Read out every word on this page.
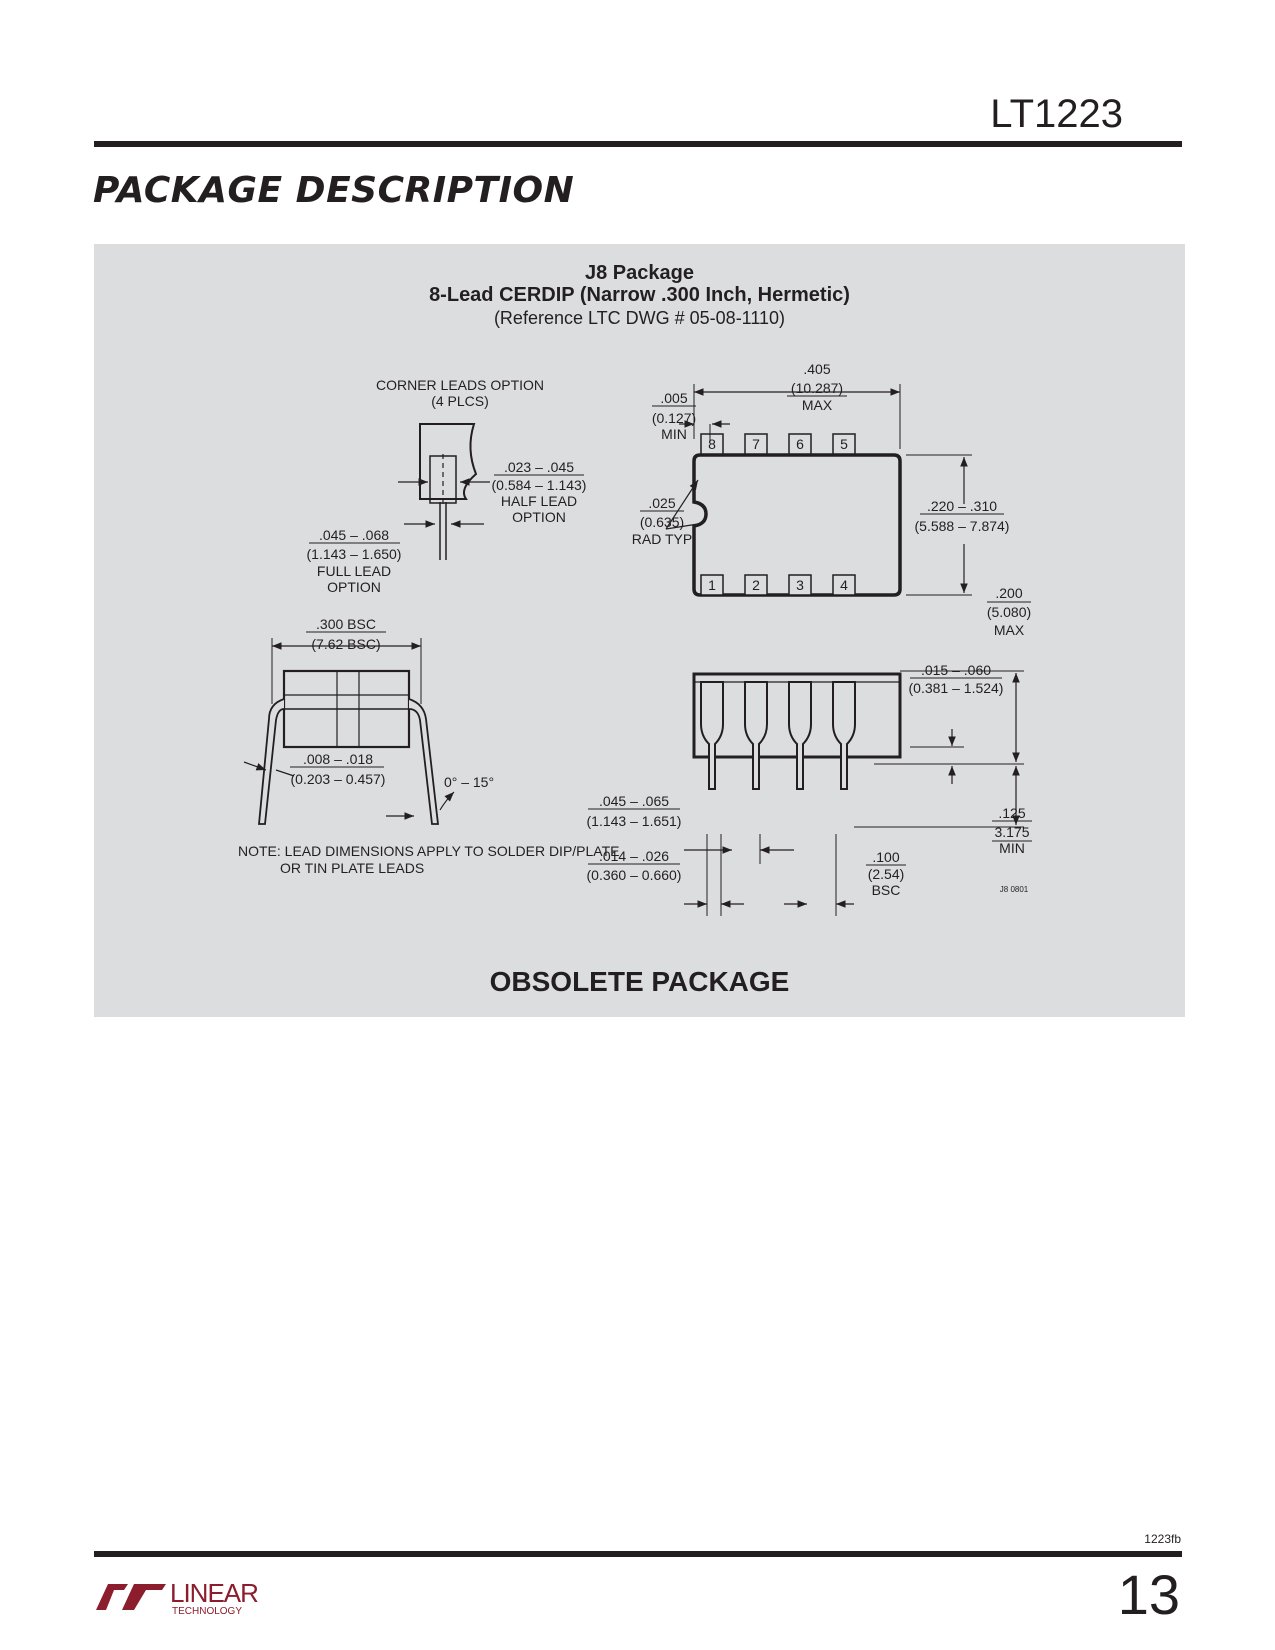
LT1223
PACKAGE DESCRIPTION
J8 Package
8-Lead CERDIP (Narrow .300 Inch, Hermetic)
(Reference LTC DWG # 05-08-1110)
CORNER LEADS OPTION
(4 PLCS)
.023 – .045
(0.584 – 1.143)
HALF LEAD
OPTION
.045 – .068
(1.143 – 1.650)
FULL LEAD
OPTION
.300 BSC
(7.62 BSC)
.008 – .018
(0.203 – 0.457)	0° – 15°
NOTE: LEAD DIMENSIONS APPLY TO SOLDER DIP/PLATE
OR TIN PLATE LEADS
8	7	6	5
1	2	3	4
.405
(10.287)
MAX
.005
(0.127)
MIN
.025
(0.635)
RAD TYP
.220 – .310
(5.588 – 7.874)
.200
(5.080)
MAX
.015 – .060
(0.381 – 1.524)
.045 – .065
(1.143 – 1.651)
.014 – .026
(0.360 – 0.660)
.100
(2.54)
BSC
.125
3.175
MIN
J8 0801
OBSOLETE PACKAGE
1223fb
LINEAR
TECHNOLOGY	13
